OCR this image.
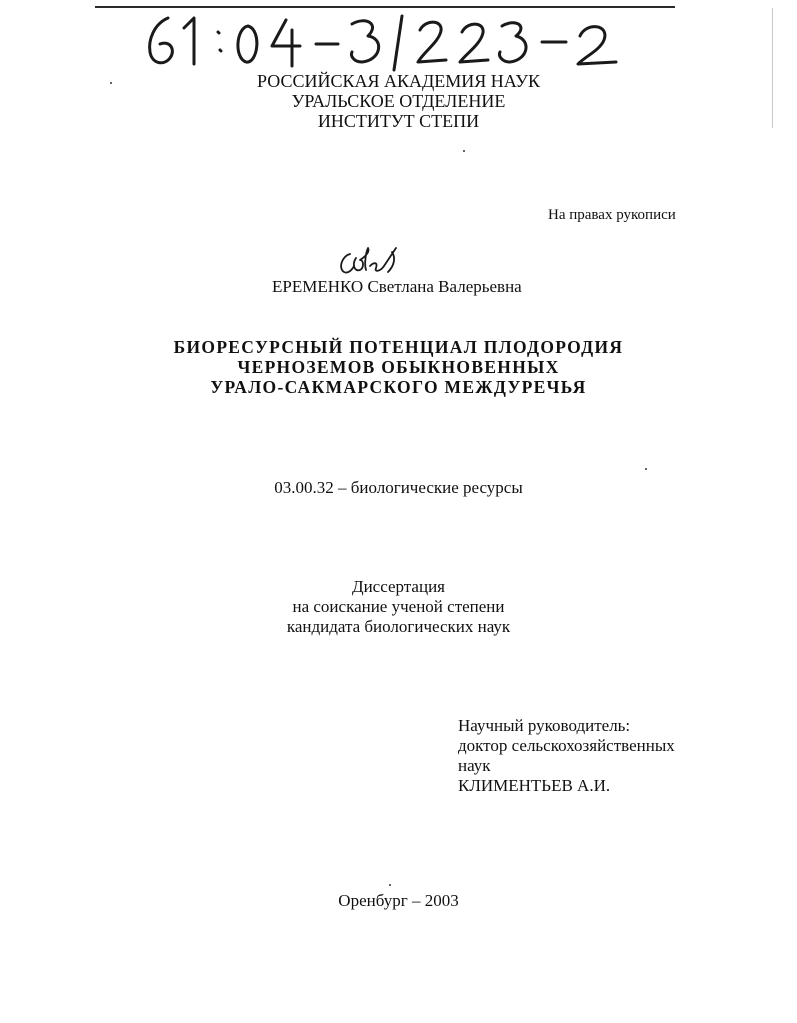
РОССИЙСКАЯ АКАДЕМИЯ НАУК
УРАЛЬСКОЕ ОТДЕЛЕНИЕ
ИНСТИТУТ СТЕПИ
На правах рукописи
ЕРЕМЕНКО Светлана Валерьевна
БИОРЕСУРСНЫЙ ПОТЕНЦИАЛ ПЛОДОРОДИЯ
ЧЕРНОЗЕМОВ ОБЫКНОВЕННЫХ
УРАЛО-САКМАРСКОГО МЕЖДУРЕЧЬЯ
03.00.32 – биологические ресурсы
Диссертация
на соискание ученой степени
кандидата биологических наук
Научный руководитель:
доктор сельскохозяйственных
наук
КЛИМЕНТЬЕВ А.И.
Оренбург – 2003
